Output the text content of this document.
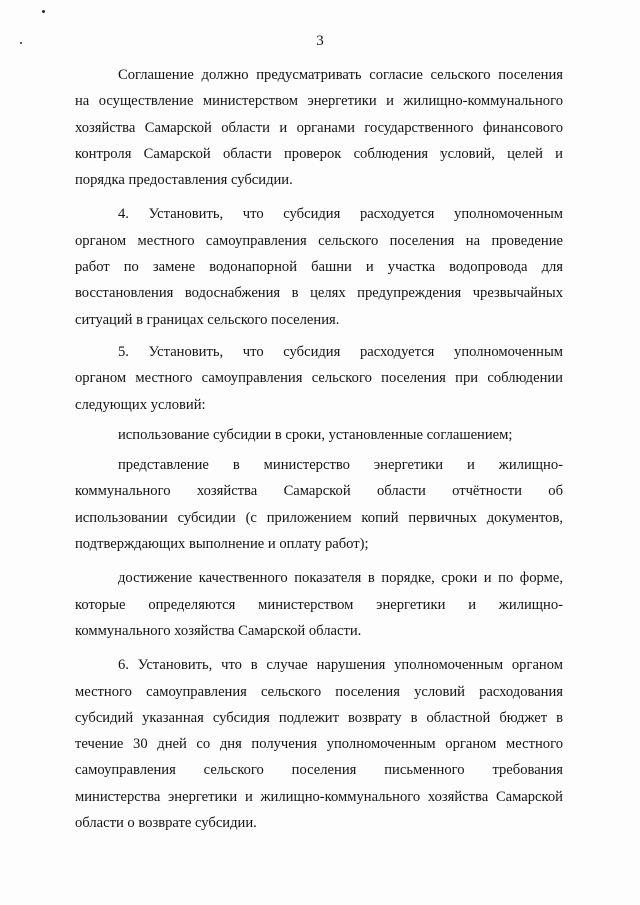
3

Соглашение должно предусматривать согласие сельского поселения
на осуществление министерством энергетики и жилищно-коммунального
хозяйства Самарской области и органами государственного финансового
контроля Самарской области проверок соблюдения условий, целей и
порядка предоставления субсидии.

4. Установить, что субсидия расходуется уполномоченным
органом местного самоуправления сельского поселения на проведение
работ по замене водонапорной башни и участка водопровода для
восстановления водоснабжения в целях предупреждения чрезвычайных
ситуаций в границах сельского поселения.

5. Установить, что субсидия расходуется уполномоченным
органом местного самоуправления сельского поселения при соблюдении
следующих условий:

использование субсидии в сроки, установленные соглашением;

представление в министерство энергетики и жилищно-
коммунального хозяйства Самарской области отчётности об
использовании субсидии (с приложением копий первичных документов,
подтверждающих выполнение и оплату работ);

достижение качественного показателя в порядке, сроки и по форме,
которые определяются министерством энергетики и жилищно-
коммунального хозяйства Самарской области.

6. Установить, что в случае нарушения уполномоченным органом
местного самоуправления сельского поселения условий расходования
субсидий указанная субсидия подлежит возврату в областной бюджет в
течение 30 дней со дня получения уполномоченным органом местного
самоуправления сельского поселения письменного требования
министерства энергетики и жилищно-коммунального хозяйства Самарской
области о возврате субсидии.
